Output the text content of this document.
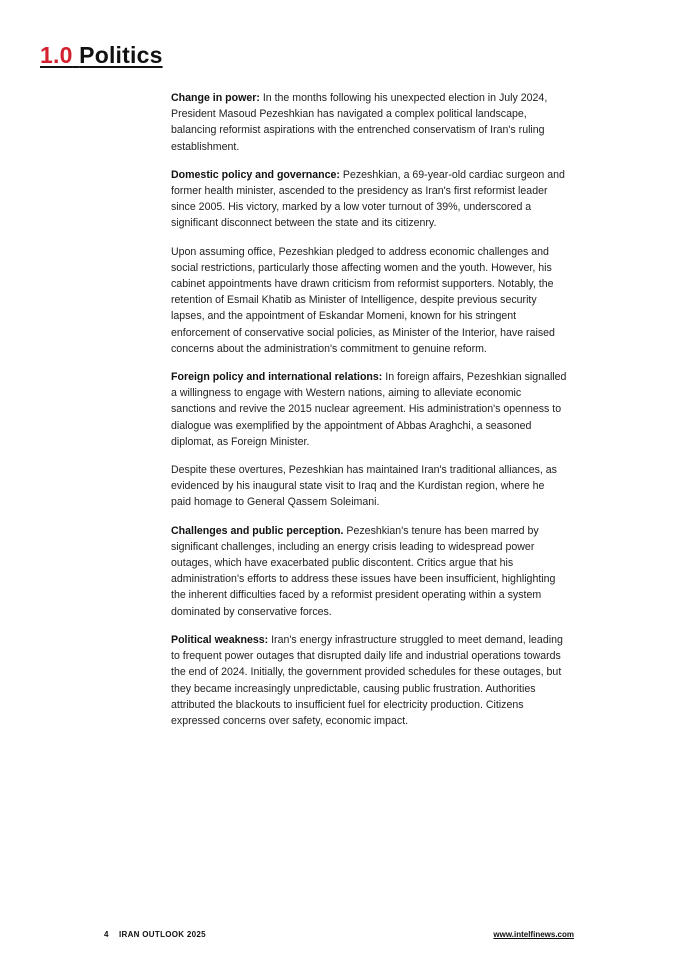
1.0 Politics

Change in power: In the months following his unexpected election in July 2024, President Masoud Pezeshkian has navigated a complex political landscape, balancing reformist aspirations with the entrenched conservatism of Iran's ruling establishment.

Domestic policy and governance: Pezeshkian, a 69-year-old cardiac surgeon and former health minister, ascended to the presidency as Iran's first reformist leader since 2005. His victory, marked by a low voter turnout of 39%, underscored a significant disconnect between the state and its citizenry.

Upon assuming office, Pezeshkian pledged to address economic challenges and social restrictions, particularly those affecting women and the youth. However, his cabinet appointments have drawn criticism from reformist supporters. Notably, the retention of Esmail Khatib as Minister of Intelligence, despite previous security lapses, and the appointment of Eskandar Momeni, known for his stringent enforcement of conservative social policies, as Minister of the Interior, have raised concerns about the administration's commitment to genuine reform.

Foreign policy and international relations: In foreign affairs, Pezeshkian signalled a willingness to engage with Western nations, aiming to alleviate economic sanctions and revive the 2015 nuclear agreement. His administration's openness to dialogue was exemplified by the appointment of Abbas Araghchi, a seasoned diplomat, as Foreign Minister.

Despite these overtures, Pezeshkian has maintained Iran's traditional alliances, as evidenced by his inaugural state visit to Iraq and the Kurdistan region, where he paid homage to General Qassem Soleimani.

Challenges and public perception. Pezeshkian's tenure has been marred by significant challenges, including an energy crisis leading to widespread power outages, which have exacerbated public discontent. Critics argue that his administration's efforts to address these issues have been insufficient, highlighting the inherent difficulties faced by a reformist president operating within a system dominated by conservative forces.

Political weakness: Iran's energy infrastructure struggled to meet demand, leading to frequent power outages that disrupted daily life and industrial operations towards the end of 2024. Initially, the government provided schedules for these outages, but they became increasingly unpredictable, causing public frustration. Authorities attributed the blackouts to insufficient fuel for electricity production. Citizens expressed concerns over safety, economic impact.

4 IRAN OUTLOOK 2025	www.intelfinews.com
